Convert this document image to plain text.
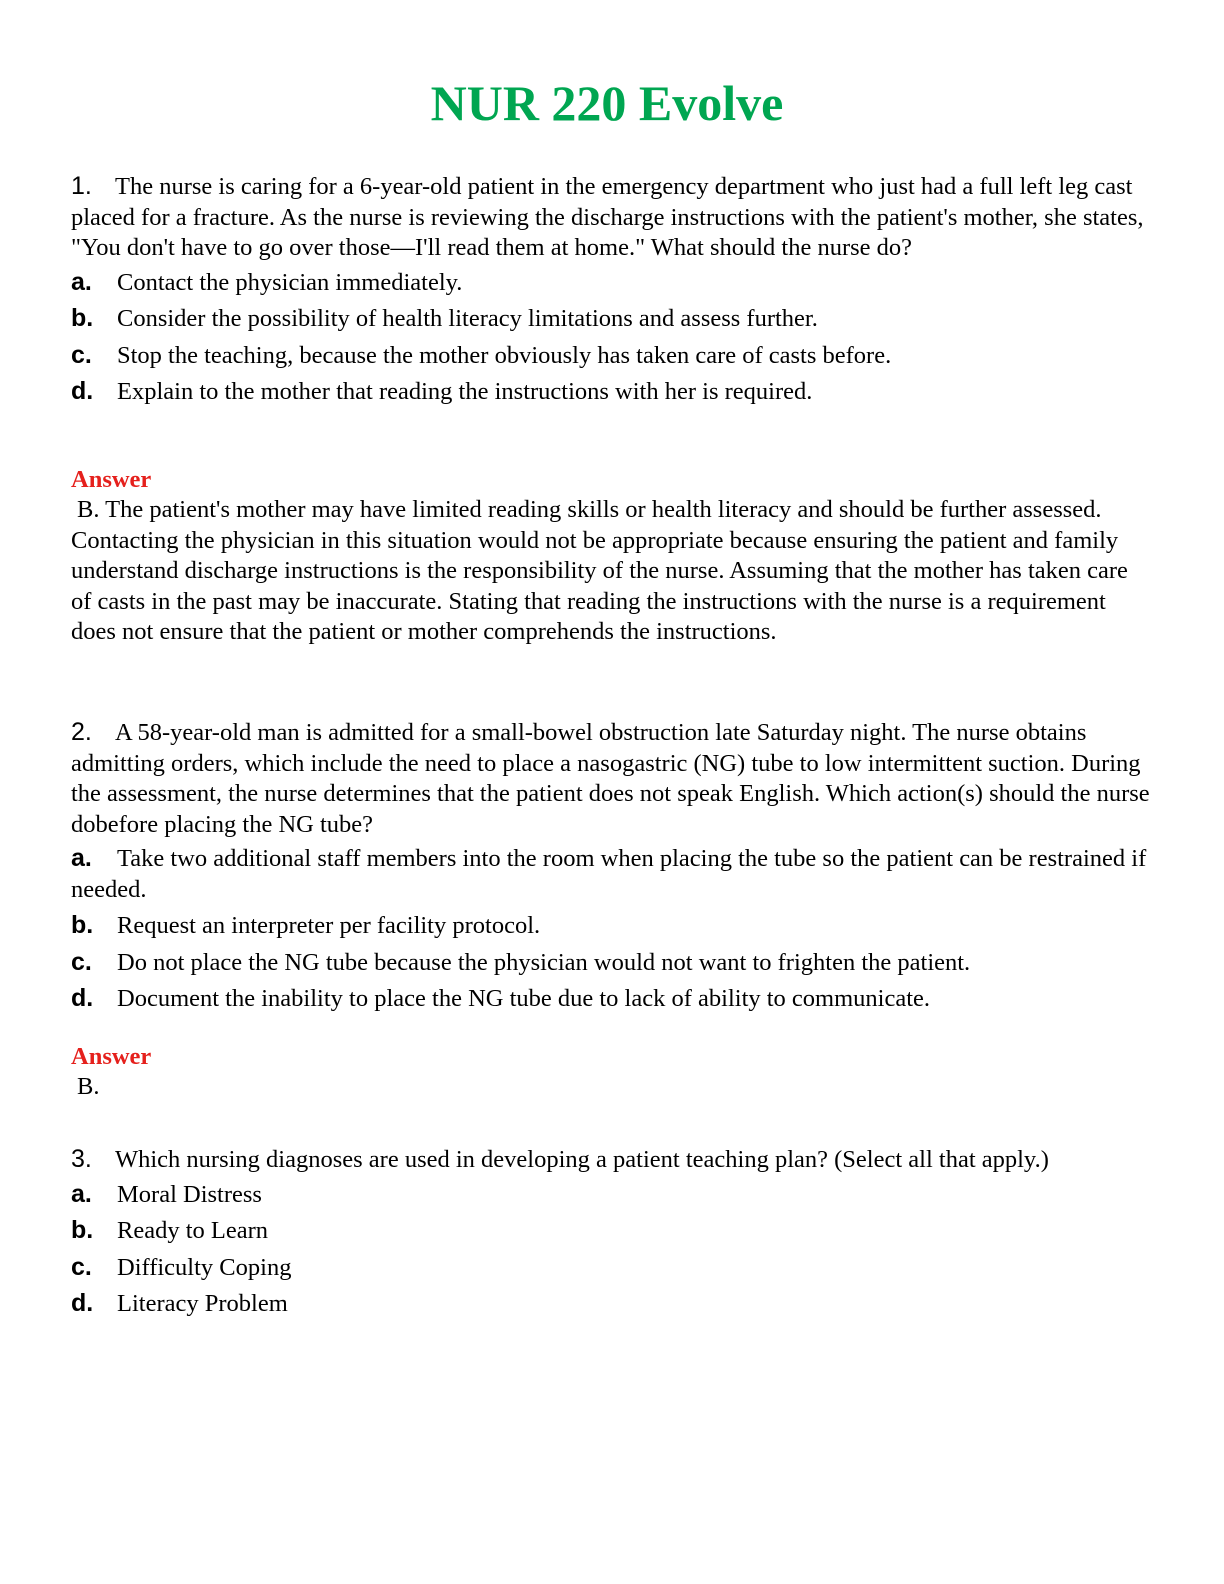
NUR 220 Evolve

1. The nurse is caring for a 6-year-old patient in the emergency department who just had a full left leg cast placed for a fracture. As the nurse is reviewing the discharge instructions with the patient's mother, she states, "You don't have to go over those—I'll read them at home." What should the nurse do?

a. Contact the physician immediately.
b. Consider the possibility of health literacy limitations and assess further.
c. Stop the teaching, because the mother obviously has taken care of casts before.
d. Explain to the mother that reading the instructions with her is required.

Answer

B. The patient's mother may have limited reading skills or health literacy and should be further assessed. Contacting the physician in this situation would not be appropriate because ensuring the patient and family understand discharge instructions is the responsibility of the nurse. Assuming that the mother has taken care of casts in the past may be inaccurate. Stating that reading the instructions with the nurse is a requirement does not ensure that the patient or mother comprehends the instructions.

2. A 58-year-old man is admitted for a small-bowel obstruction late Saturday night. The nurse obtains admitting orders, which include the need to place a nasogastric (NG) tube to low intermittent suction. During the assessment, the nurse determines that the patient does not speak English. Which action(s) should the nurse dobefore placing the NG tube?

a. Take two additional staff members into the room when placing the tube so the patient can be restrained if needed.
b. Request an interpreter per facility protocol.
c. Do not place the NG tube because the physician would not want to frighten the patient.
d. Document the inability to place the NG tube due to lack of ability to communicate.

Answer

B.

3. Which nursing diagnoses are used in developing a patient teaching plan? (Select all that apply.)

a. Moral Distress
b. Ready to Learn
c. Difficulty Coping
d. Literacy Problem
